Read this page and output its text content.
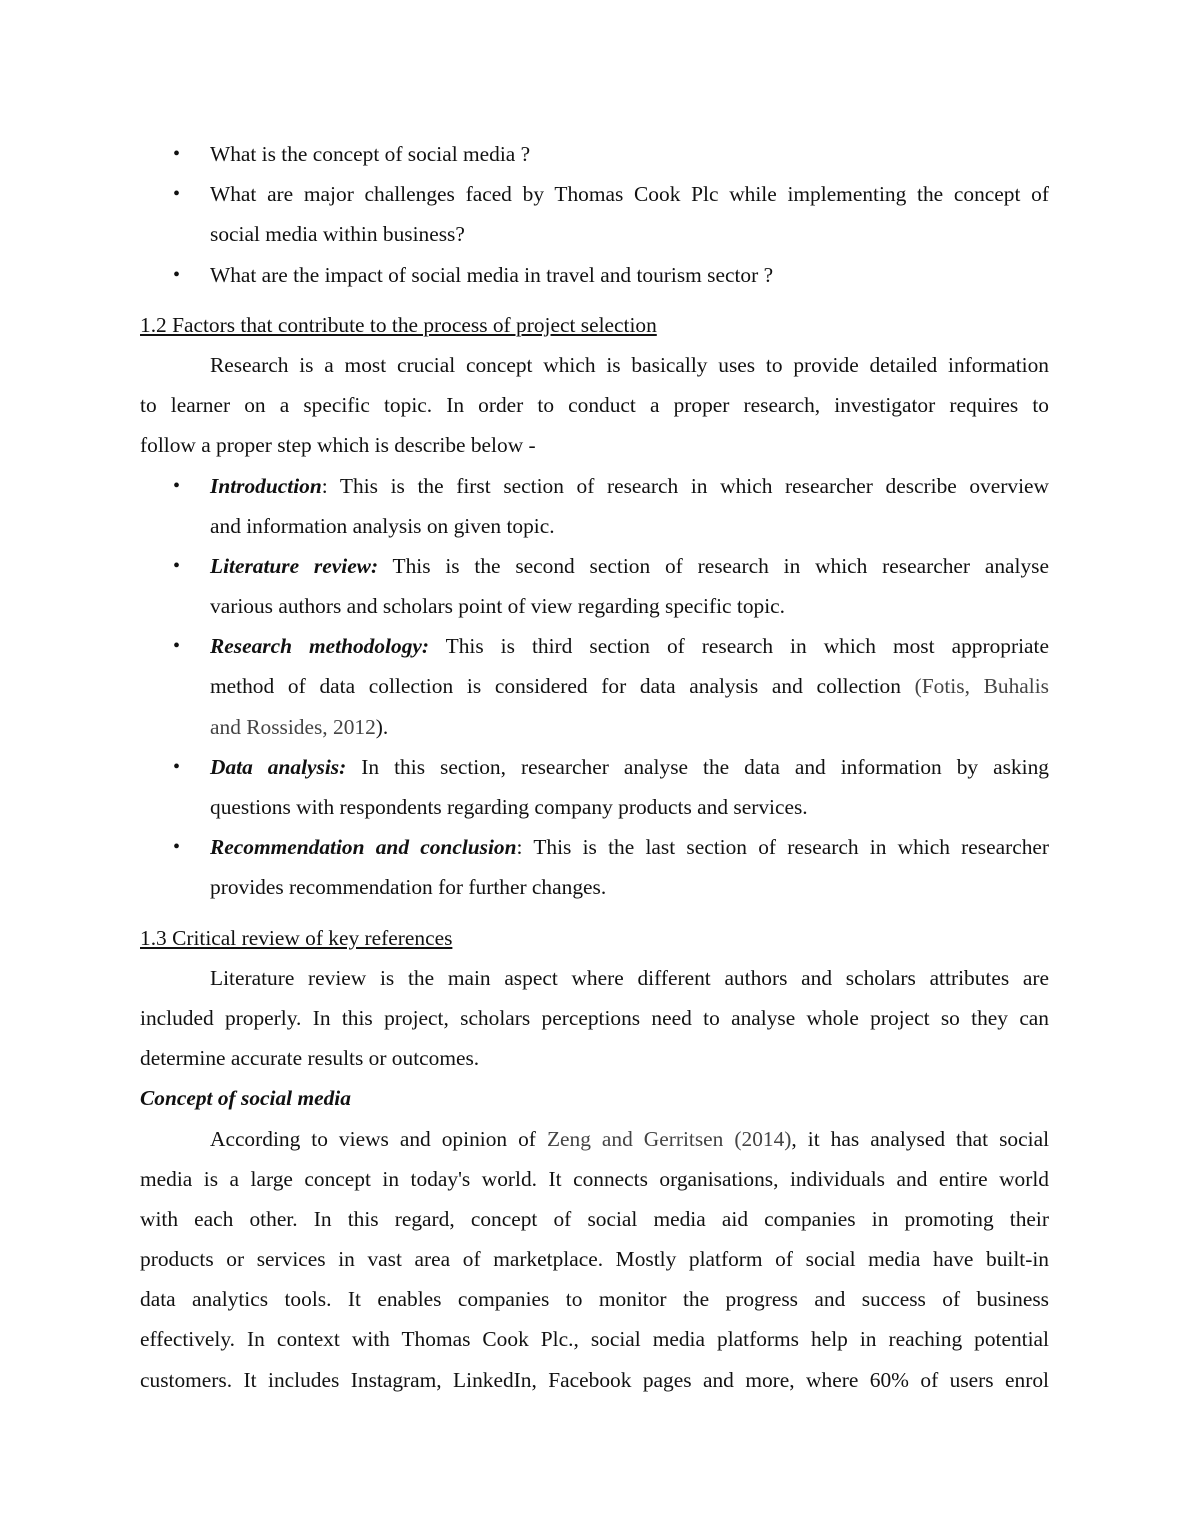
• What is the concept of social media ?
• What are major challenges faced by Thomas Cook Plc while implementing the concept of
social media within business?
• What are the impact of social media in travel and tourism sector ?
1.2 Factors that contribute to the process of project selection
Research is a most crucial concept which is basically uses to provide detailed information
to learner on a specific topic. In order to conduct a proper research, investigator requires to
follow a proper step which is describe below -
• Introduction: This is the first section of research in which researcher describe overview
and information analysis on given topic.
• Literature review: This is the second section of research in which researcher analyse
various authors and scholars point of view regarding specific topic.
• Research methodology: This is third section of research in which most appropriate
method of data collection is considered for data analysis and collection (Fotis, Buhalis
and Rossides, 2012).
• Data analysis: In this section, researcher analyse the data and information by asking
questions with respondents regarding company products and services.
• Recommendation and conclusion: This is the last section of research in which researcher
provides recommendation for further changes.
1.3 Critical review of key references
Literature review is the main aspect where different authors and scholars attributes are
included properly. In this project, scholars perceptions need to analyse whole project so they can
determine accurate results or outcomes.
Concept of social media
According to views and opinion of Zeng and Gerritsen (2014), it has analysed that social
media is a large concept in today's world. It connects organisations, individuals and entire world
with each other. In this regard, concept of social media aid companies in promoting their
products or services in vast area of marketplace. Mostly platform of social media have built-in
data analytics tools. It enables companies to monitor the progress and success of business
effectively. In context with Thomas Cook Plc., social media platforms help in reaching potential
customers. It includes Instagram, LinkedIn, Facebook pages and more, where 60% of users enrol
